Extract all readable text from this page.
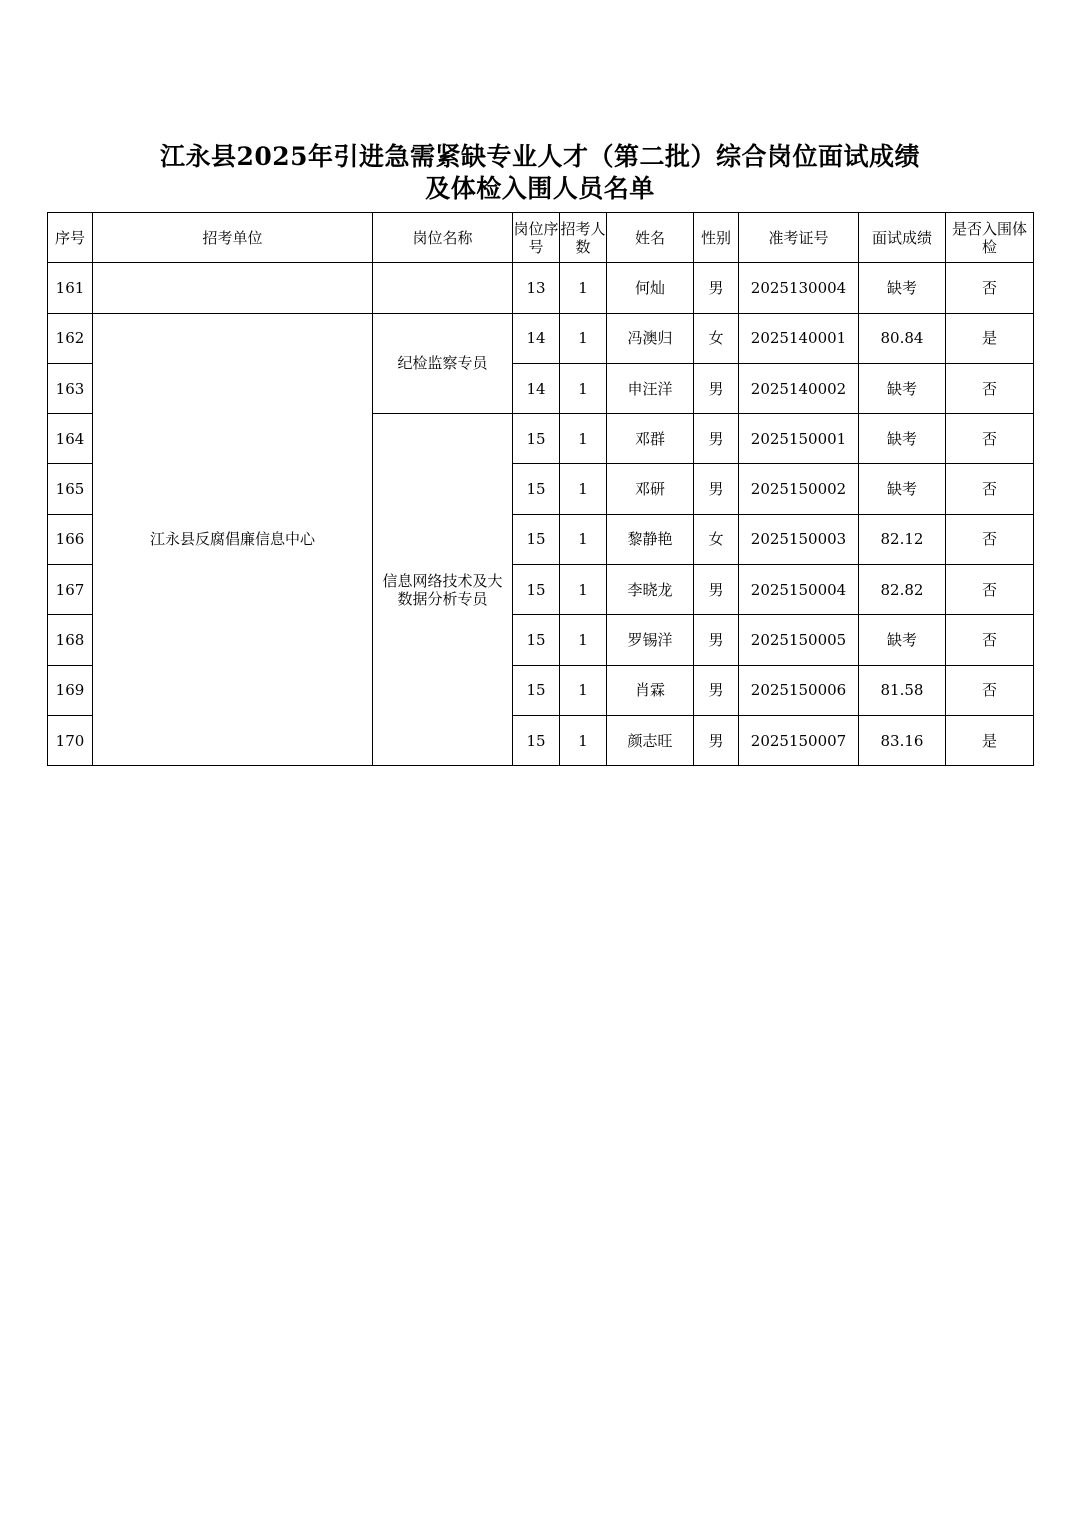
江永县2025年引进急需紧缺专业人才（第二批）综合岗位面试成绩
及体检入围人员名单
序号	招考单位	岗位名称	岗位序号	招考人数	姓名	性别	准考证号	面试成绩	是否入围体检
161			13	1	何灿	男	2025130004	缺考	否
162	江永县反腐倡廉信息中心	纪检监察专员	14	1	冯澳归	女	2025140001	80.84	是
163			14	1	申汪洋	男	2025140002	缺考	否
164		信息网络技术及大数据分析专员	15	1	邓群	男	2025150001	缺考	否
165			15	1	邓研	男	2025150002	缺考	否
166			15	1	黎静艳	女	2025150003	82.12	否
167			15	1	李晓龙	男	2025150004	82.82	否
168			15	1	罗锡洋	男	2025150005	缺考	否
169			15	1	肖霖	男	2025150006	81.58	否
170			15	1	颜志旺	男	2025150007	83.16	是
